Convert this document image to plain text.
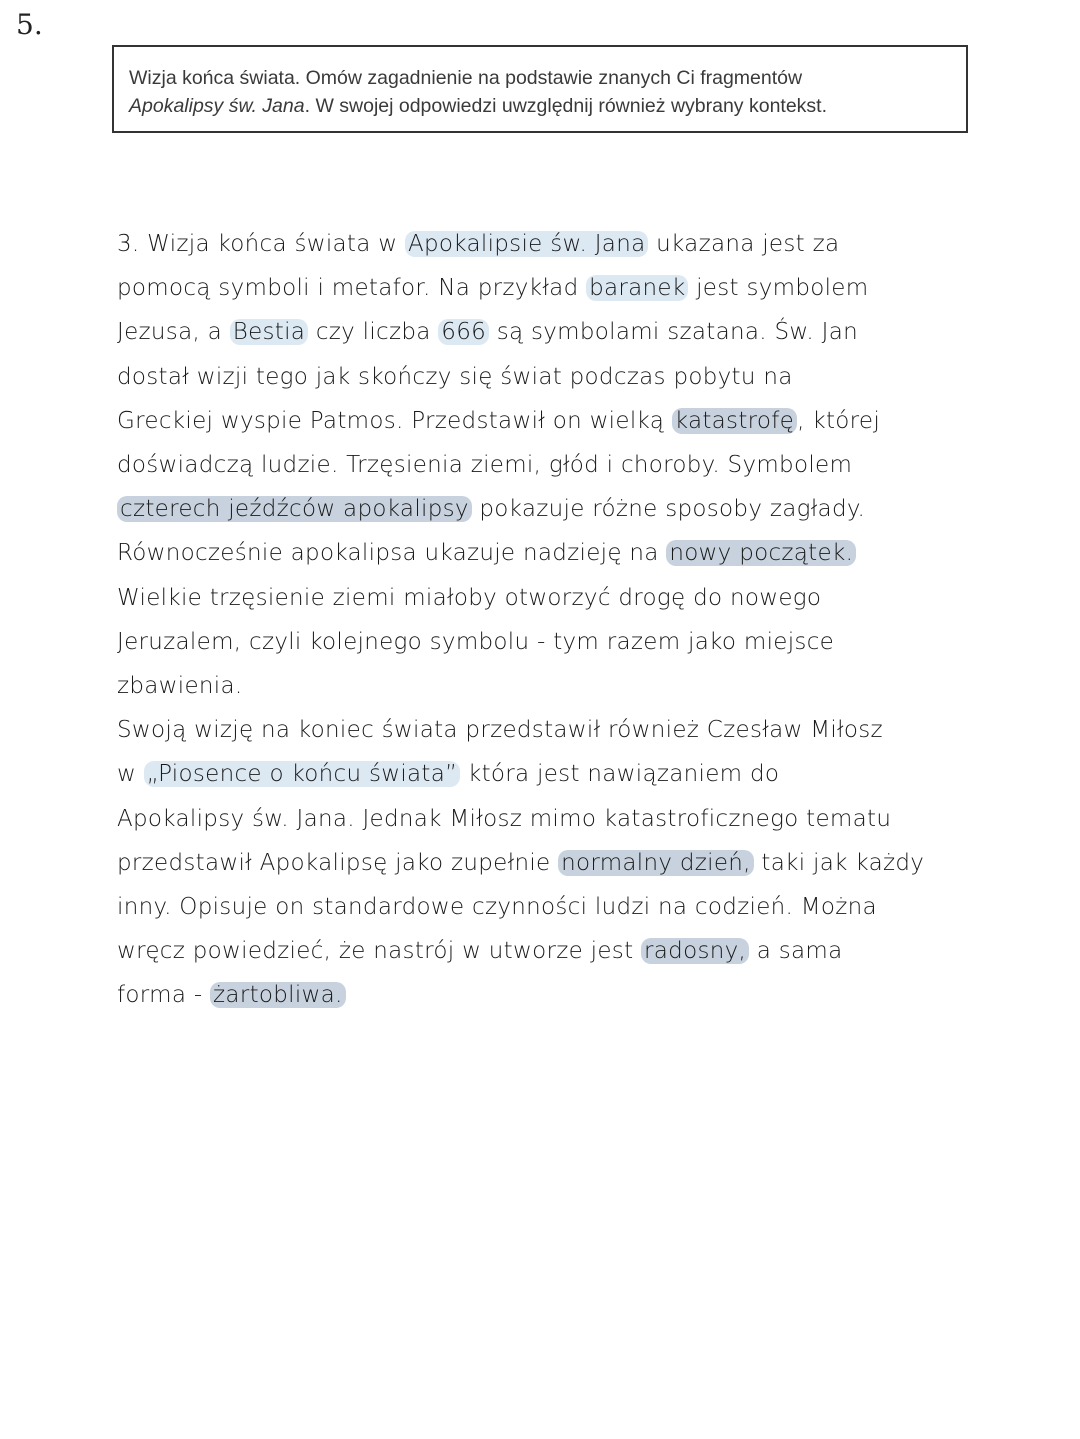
5.
Wizja końca świata. Omów zagadnienie na podstawie znanych Ci fragmentów
Apokalipsy św. Jana. W swojej odpowiedzi uwzględnij również wybrany kontekst.
3. Wizja końca świata w Apokalipsie św. Jana ukazana jest za
pomocą symboli i metafor. Na przykład baranek jest symbolem
Jezusa, a Bestia czy liczba 666 są symbolami szatana. Św. Jan
dostał wizji tego jak skończy się świat podczas pobytu na
Greckiej wyspie Patmos. Przedstawił on wielką katastrofę , której
doświadczą ludzie. Trzęsienia ziemi, głód i choroby. Symbolem
czterech jeźdźców apokalipsy pokazuje różne sposoby zagłady.
Równocześnie apokalipsa ukazuje nadzieję na nowy początek.
Wielkie trzęsienie ziemi miałoby otworzyć drogę do nowego
Jeruzalem, czyli kolejnego symbolu - tym razem jako miejsce
zbawienia.
Swoją wizję na koniec świata przedstawił również Czesław Miłosz
w „Piosence o końcu świata” która jest nawiązaniem do
Apokalipsy św. Jana. Jednak Miłosz mimo katastroficznego tematu
przedstawił Apokalipsę jako zupełnie normalny dzień, taki jak każdy
inny. Opisuje on standardowe czynności ludzi na codzień. Można
wręcz powiedzieć, że nastrój w utworze jest radosny, a sama
forma - żartobliwa.
